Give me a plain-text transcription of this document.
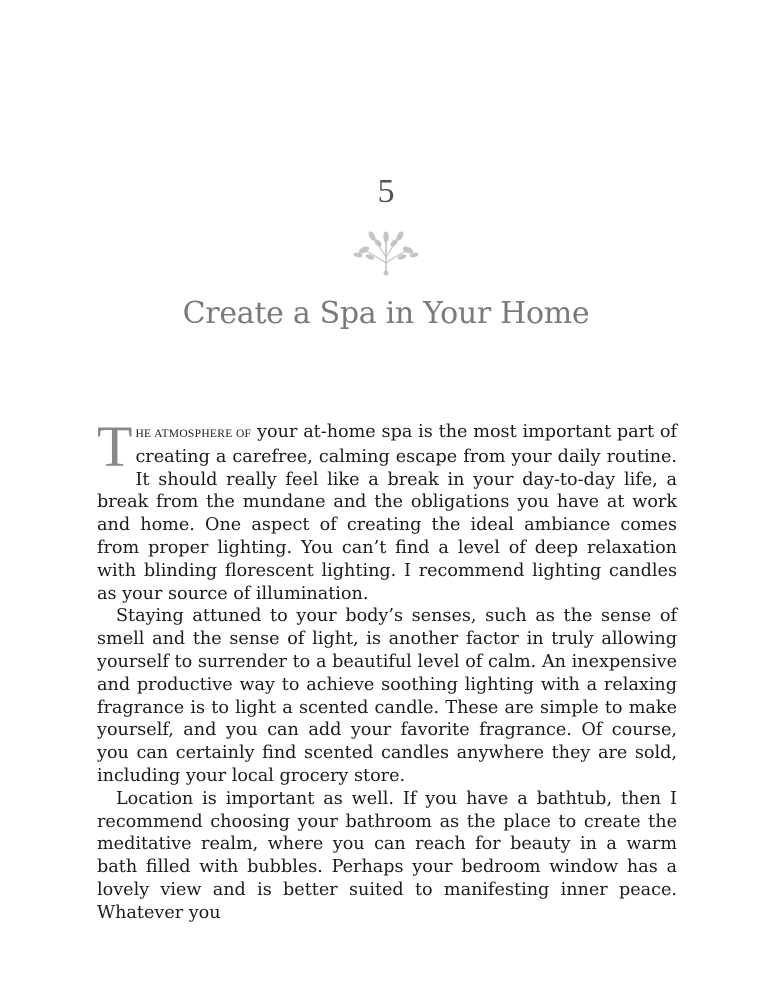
5
Create a Spa in Your Home

THE ATMOSPHERE OF your at-home spa is the most important part of creating a carefree, calming escape from your daily routine. It should really feel like a break in your day-to-day life, a break from the mundane and the obligations you have at work and home. One aspect of creating the ideal ambiance comes from proper lighting. You can’t find a level of deep relaxation with blinding florescent lighting. I recommend lighting candles as your source of illumination.

Staying attuned to your body’s senses, such as the sense of smell and the sense of light, is another factor in truly allowing yourself to surrender to a beautiful level of calm. An inexpensive and productive way to achieve soothing lighting with a relaxing fragrance is to light a scented candle. These are simple to make yourself, and you can add your favorite fragrance. Of course, you can certainly find scented candles anywhere they are sold, including your local grocery store.

Location is important as well. If you have a bathtub, then I recommend choosing your bathroom as the place to create the meditative realm, where you can reach for beauty in a warm bath filled with bubbles. Perhaps your bedroom window has a lovely view and is better suited to manifesting inner peace. Whatever you
